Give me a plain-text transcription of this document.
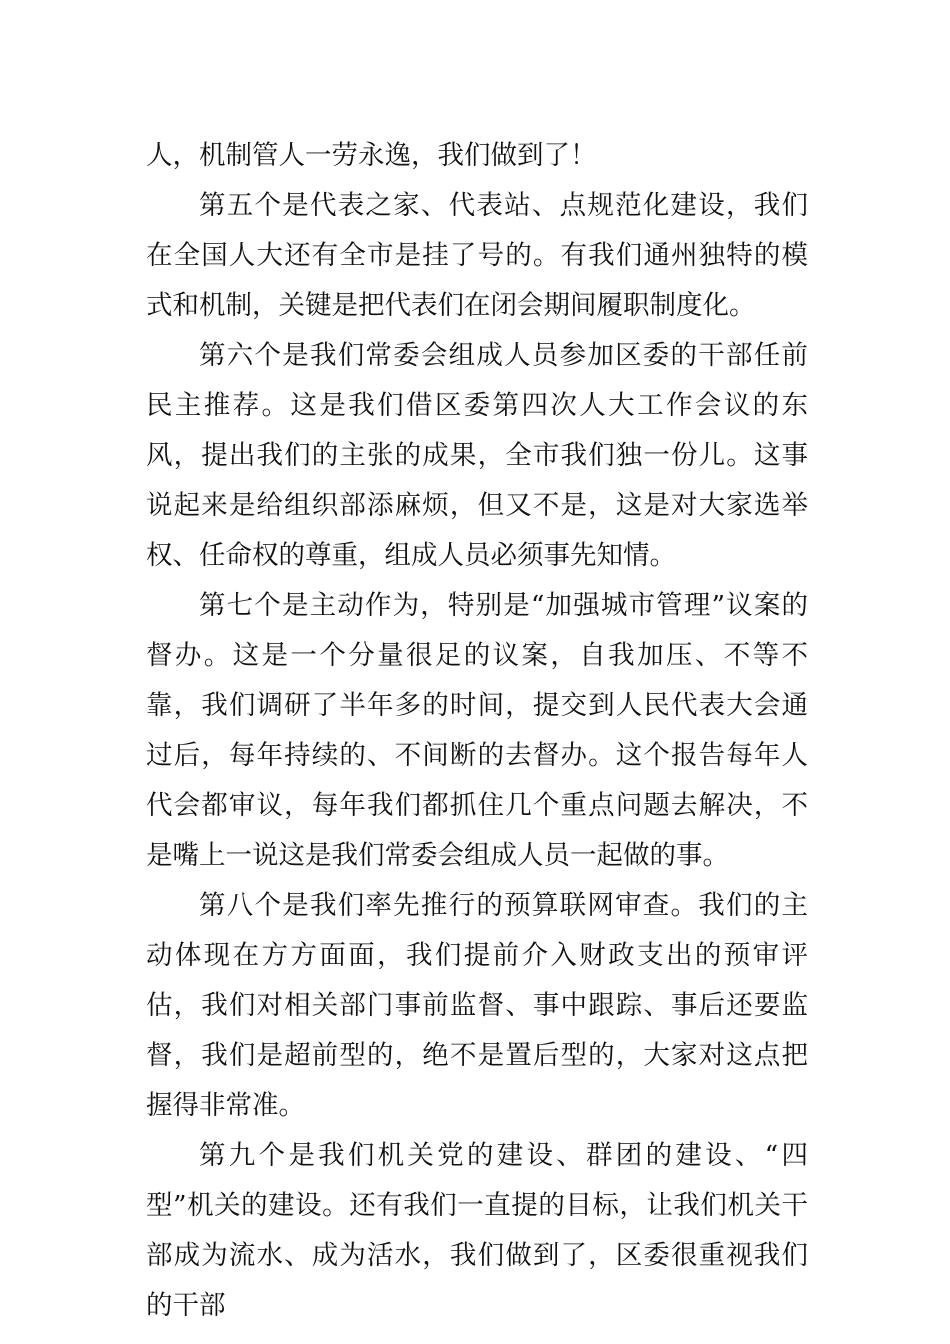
人，机制管人一劳永逸，我们做到了！

第五个是代表之家、代表站、点规范化建设，我们在全国人大还有全市是挂了号的。有我们通州独特的模式和机制，关键是把代表们在闭会期间履职制度化。

第六个是我们常委会组成人员参加区委的干部任前民主推荐。这是我们借区委第四次人大工作会议的东风，提出我们的主张的成果，全市我们独一份儿。这事说起来是给组织部添麻烦，但又不是，这是对大家选举权、任命权的尊重，组成人员必须事先知情。

第七个是主动作为，特别是“加强城市管理”议案的督办。这是一个分量很足的议案，自我加压、不等不靠，我们调研了半年多的时间，提交到人民代表大会通过后，每年持续的、不间断的去督办。这个报告每年人代会都审议，每年我们都抓住几个重点问题去解决，不是嘴上一说这是我们常委会组成人员一起做的事。

第八个是我们率先推行的预算联网审查。我们的主动体现在方方面面，我们提前介入财政支出的预审评估，我们对相关部门事前监督、事中跟踪、事后还要监督，我们是超前型的，绝不是置后型的，大家对这点把握得非常准。

第九个是我们机关党的建设、群团的建设、“四型”机关的建设。还有我们一直提的目标，让我们机关干部成为流水、成为活水，我们做到了，区委很重视我们的干部
